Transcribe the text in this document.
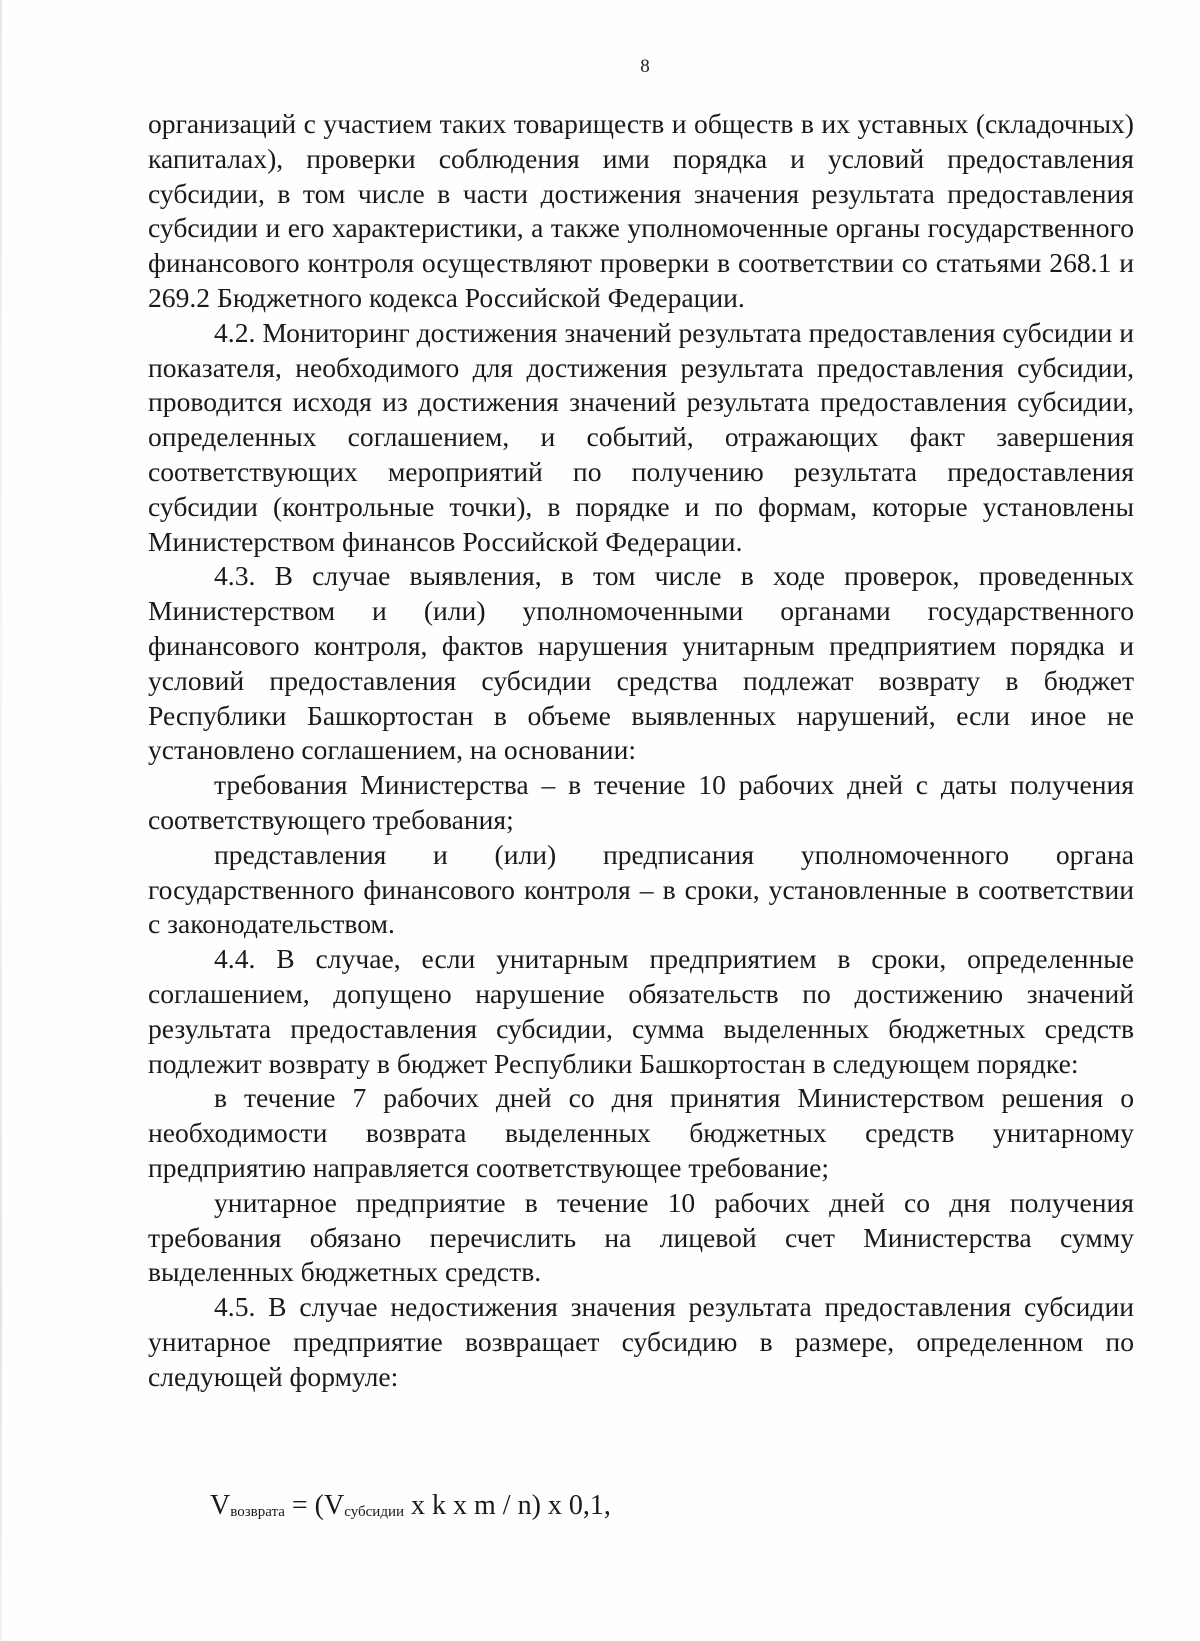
8

организаций с участием таких товариществ и обществ в их уставных (складочных) капиталах), проверки соблюдения ими порядка и условий предоставления субсидии, в том числе в части достижения значения результата предоставления субсидии и его характеристики, а также уполномоченные органы государственного финансового контроля осуществляют проверки в соответствии со статьями 268.1 и 269.2 Бюджетного кодекса Российской Федерации.

4.2. Мониторинг достижения значений результата предоставления субсидии и показателя, необходимого для достижения результата предоставления субсидии, проводится исходя из достижения значений результата предоставления субсидии, определенных соглашением, и событий, отражающих факт завершения соответствующих мероприятий по получению результата предоставления субсидии (контрольные точки), в порядке и по формам, которые установлены Министерством финансов Российской Федерации.

4.3. В случае выявления, в том числе в ходе проверок, проведенных Министерством и (или) уполномоченными органами государственного финансового контроля, фактов нарушения унитарным предприятием порядка и условий предоставления субсидии средства подлежат возврату в бюджет Республики Башкортостан в объеме выявленных нарушений, если иное не установлено соглашением, на основании:

требования Министерства – в течение 10 рабочих дней с даты получения соответствующего требования;

представления и (или) предписания уполномоченного органа государственного финансового контроля – в сроки, установленные в соответствии с законодательством.

4.4. В случае, если унитарным предприятием в сроки, определенные соглашением, допущено нарушение обязательств по достижению значений результата предоставления субсидии, сумма выделенных бюджетных средств подлежит возврату в бюджет Республики Башкортостан в следующем порядке:

в течение 7 рабочих дней со дня принятия Министерством решения о необходимости возврата выделенных бюджетных средств унитарному предприятию направляется соответствующее требование;

унитарное предприятие в течение 10 рабочих дней со дня получения требования обязано перечислить на лицевой счет Министерства сумму выделенных бюджетных средств.

4.5. В случае недостижения значения результата предоставления субсидии унитарное предприятие возвращает субсидию в размере, определенном по следующей формуле:

Vвозврата = (Vсубсидии x k x m / n) x 0,1,
